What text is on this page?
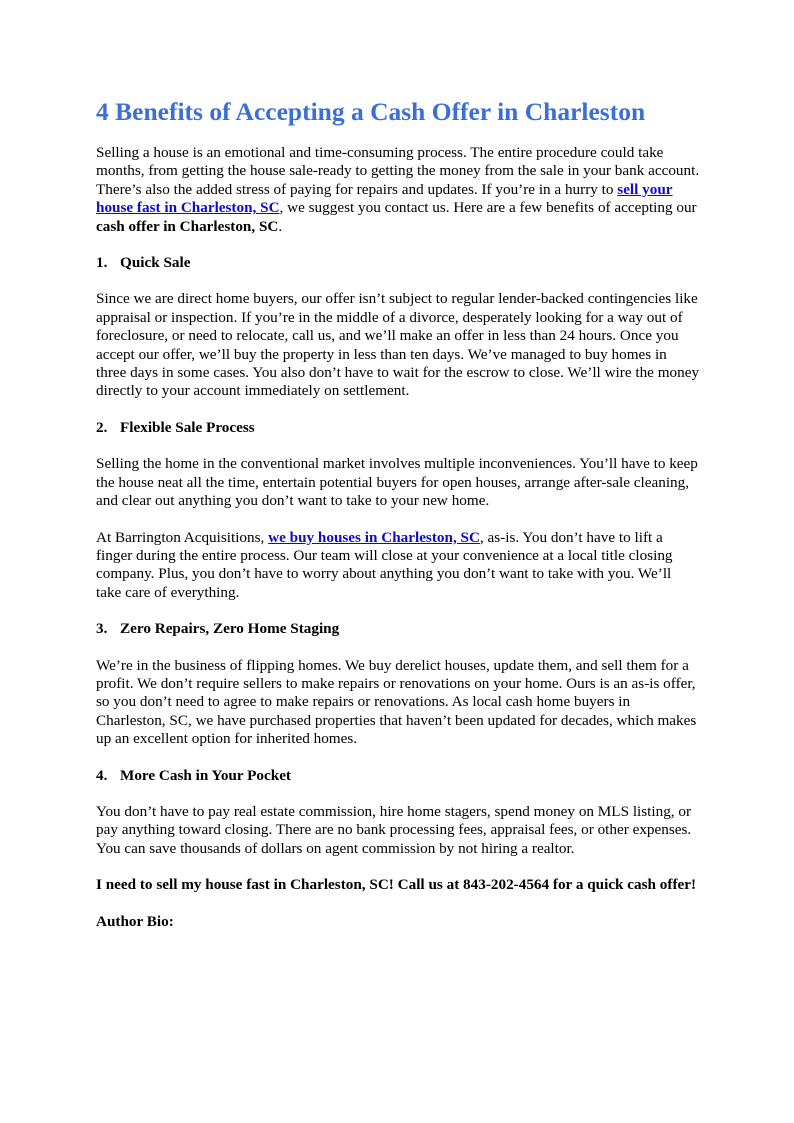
4 Benefits of Accepting a Cash Offer in Charleston

Selling a house is an emotional and time-consuming process. The entire procedure could take months, from getting the house sale-ready to getting the money from the sale in your bank account. There’s also the added stress of paying for repairs and updates. If you’re in a hurry to sell your house fast in Charleston, SC, we suggest you contact us. Here are a few benefits of accepting our cash offer in Charleston, SC.

1. Quick Sale

Since we are direct home buyers, our offer isn’t subject to regular lender-backed contingencies like appraisal or inspection. If you’re in the middle of a divorce, desperately looking for a way out of foreclosure, or need to relocate, call us, and we’ll make an offer in less than 24 hours. Once you accept our offer, we’ll buy the property in less than ten days. We’ve managed to buy homes in three days in some cases. You also don’t have to wait for the escrow to close. We’ll wire the money directly to your account immediately on settlement.

2. Flexible Sale Process

Selling the home in the conventional market involves multiple inconveniences. You’ll have to keep the house neat all the time, entertain potential buyers for open houses, arrange after-sale cleaning, and clear out anything you don’t want to take to your new home.

At Barrington Acquisitions, we buy houses in Charleston, SC, as-is. You don’t have to lift a finger during the entire process. Our team will close at your convenience at a local title closing company. Plus, you don’t have to worry about anything you don’t want to take with you. We’ll take care of everything.

3. Zero Repairs, Zero Home Staging

We’re in the business of flipping homes. We buy derelict houses, update them, and sell them for a profit. We don’t require sellers to make repairs or renovations on your home. Ours is an as-is offer, so you don’t need to agree to make repairs or renovations. As local cash home buyers in Charleston, SC, we have purchased properties that haven’t been updated for decades, which makes up an excellent option for inherited homes.

4. More Cash in Your Pocket

You don’t have to pay real estate commission, hire home stagers, spend money on MLS listing, or pay anything toward closing. There are no bank processing fees, appraisal fees, or other expenses. You can save thousands of dollars on agent commission by not hiring a realtor.

I need to sell my house fast in Charleston, SC! Call us at 843-202-4564 for a quick cash offer!

Author Bio:
